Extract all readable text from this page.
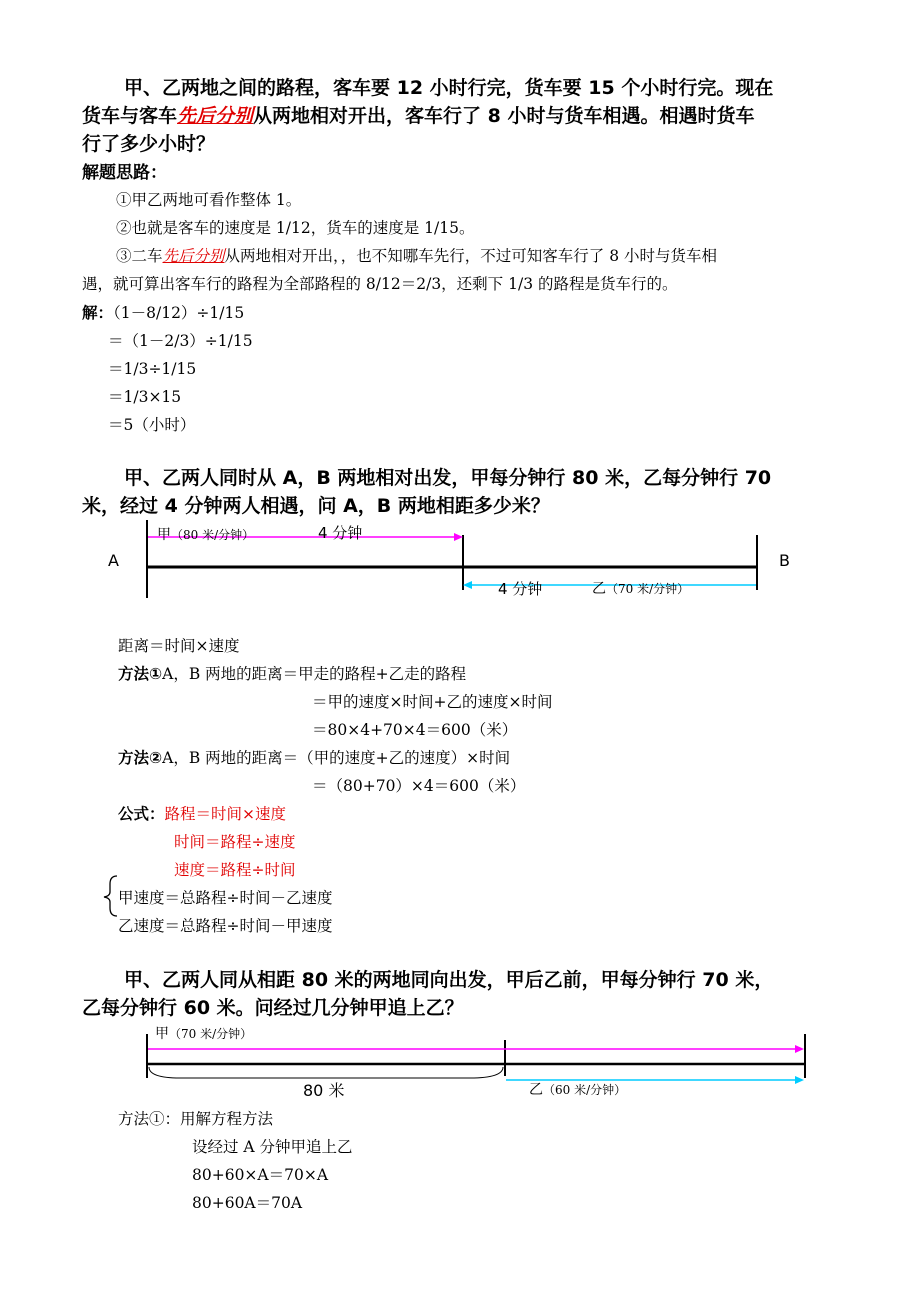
甲、乙两地之间的路程，客车要 12 小时行完，货车要 15 个小时行完。现在
货车与客车先后分别从两地相对开出，客车行了 8 小时与货车相遇。相遇时货车
行了多少小时？
解题思路：
①甲乙两地可看作整体 1。
②也就是客车的速度是 1/12，货车的速度是 1/15。
③二车先后分别从两地相对开出，，也不知哪车先行，不过可知客车行了 8 小时与货车相
遇，就可算出客车行的路程为全部路程的 8/12＝2/3，还剩下 1/3 的路程是货车行的。
解：（1－8/12）÷1/15
＝（1－2/3）÷1/15
＝1/3÷1/15
＝1/3×15
＝5（小时）
甲、乙两人同时从 A，B 两地相对出发，甲每分钟行 80 米，乙每分钟行 70
米，经过 4 分钟两人相遇，问 A，B 两地相距多少米？
A	B
甲（80 米/分钟）	4 分钟
4 分钟	乙（70 米/分钟）
距离＝时间×速度
方法①A，B 两地的距离＝甲走的路程+乙走的路程
＝甲的速度×时间+乙的速度×时间
＝80×4+70×4＝600（米）
方法②A，B 两地的距离＝（甲的速度+乙的速度）×时间
＝（80+70）×4＝600（米）
公式：路程＝时间×速度
时间＝路程÷速度
速度＝路程÷时间
甲速度＝总路程÷时间－乙速度
乙速度＝总路程÷时间－甲速度
甲、乙两人同从相距 80 米的两地同向出发，甲后乙前，甲每分钟行 70 米，
乙每分钟行 60 米。问经过几分钟甲追上乙？
甲（70 米/分钟）
80 米	乙（60 米/分钟）
方法①：用解方程方法
设经过 A 分钟甲追上乙
80+60×A＝70×A
80+60A＝70A
